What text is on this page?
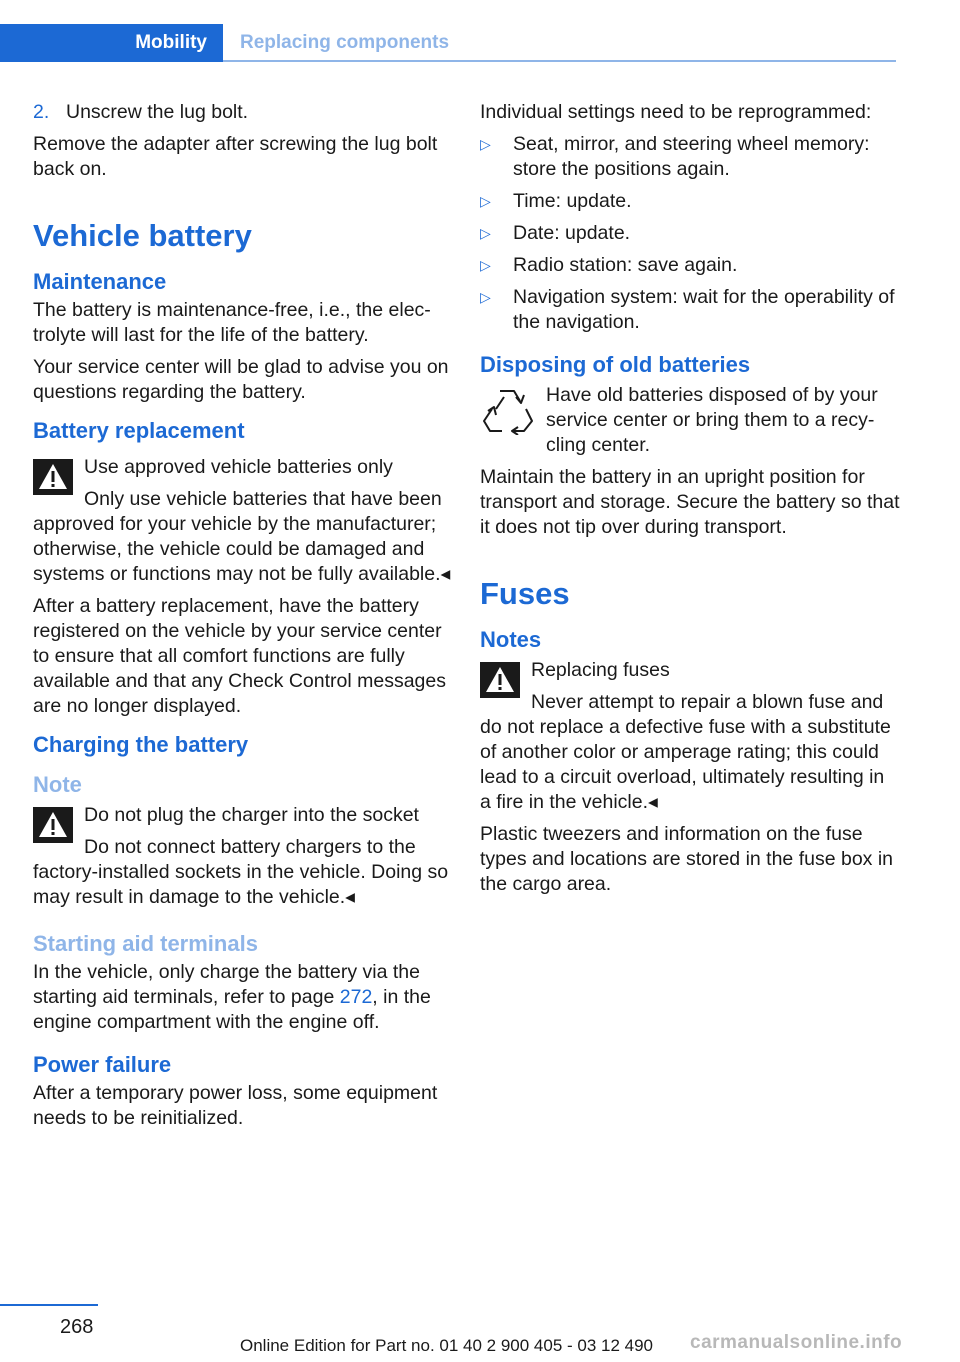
Mobility	Replacing components
2. Unscrew the lug bolt.

Remove the adapter after screwing the lug bolt back on.

Vehicle battery
Maintenance

The battery is maintenance-free, i.e., the electrolyte will last for the life of the battery.

Your service center will be glad to advise you on questions regarding the battery.

Battery replacement
Use approved vehicle batteries only
Only use vehicle batteries that have been approved for your vehicle by the manufacturer; otherwise, the vehicle could be damaged and systems or functions may not be fully available.◂

After a battery replacement, have the battery registered on the vehicle by your service center to ensure that all comfort functions are fully available and that any Check Control messages are no longer displayed.

Charging the battery
Note
Do not plug the charger into the socket
Do not connect battery chargers to the factory-installed sockets in the vehicle. Doing so may result in damage to the vehicle.◂
Starting aid terminals

In the vehicle, only charge the battery via the starting aid terminals, refer to page 272, in the engine compartment with the engine off.

Power failure

After a temporary power loss, some equipment needs to be reinitialized.

Individual settings need to be reprogrammed:

▷	Seat, mirror, and steering wheel memory: store the positions again.
▷	Time: update.
▷	Date: update.
▷	Radio station: save again.
▷	Navigation system: wait for the operability of the navigation.
Disposing of old batteries
Have old batteries disposed of by your service center or bring them to a recycling center.

Maintain the battery in an upright position for transport and storage. Secure the battery so that it does not tip over during transport.

Fuses
Notes
Replacing fuses
Never attempt to repair a blown fuse and do not replace a defective fuse with a substitute of another color or amperage rating; this could lead to a circuit overload, ultimately resulting in a fire in the vehicle.◂

Plastic tweezers and information on the fuse types and locations are stored in the fuse box in the cargo area.

268
Online Edition for Part no. 01 40 2 900 405 - 03 12 490 carmanualsonline.info
